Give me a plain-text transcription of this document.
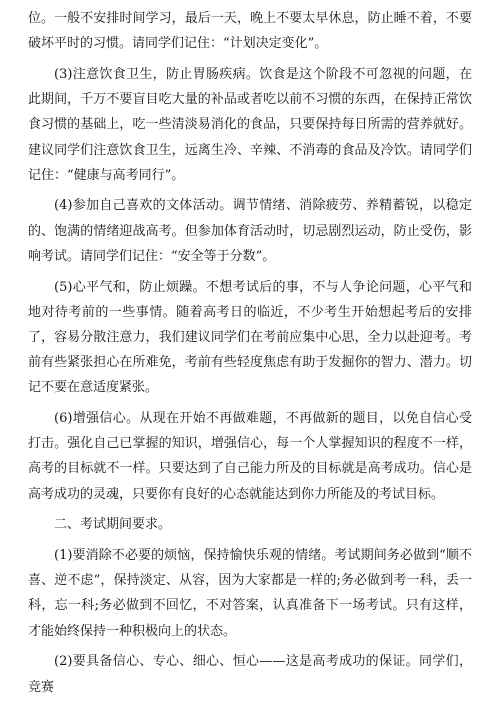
位。一般不安排时间学习，最后一天，晚上不要太早休息，防止睡不着，不要破坏平时的习惯。请同学们记住：“计划决定变化”。

(3)注意饮食卫生，防止胃肠疾病。饮食是这个阶段不可忽视的问题，在此期间，千万不要盲目吃大量的补品或者吃以前不习惯的东西，在保持正常饮食习惯的基础上，吃一些清淡易消化的食品，只要保持每日所需的营养就好。建议同学们注意饮食卫生，远离生冷、辛辣、不消毒的食品及冷饮。请同学们记住：“健康与高考同行”。

(4)参加自己喜欢的文体活动。调节情绪、消除疲劳、养精蓄锐，以稳定的、饱满的情绪迎战高考。但参加体育活动时，切忌剧烈运动，防止受伤，影响考试。请同学们记住：“安全等于分数”。

(5)心平气和，防止烦躁。不想考试后的事，不与人争论问题，心平气和地对待考前的一些事情。随着高考日的临近，不少考生开始想起考后的安排了，容易分散注意力，我们建议同学们在考前应集中心思，全力以赴迎考。考前有些紧张担心在所难免，考前有些轻度焦虑有助于发掘你的智力、潜力。切记不要在意适度紧张。

(6)增强信心。从现在开始不再做难题，不再做新的题目，以免自信心受打击。强化自己已掌握的知识，增强信心，每一个人掌握知识的程度不一样，高考的目标就不一样。只要达到了自己能力所及的目标就是高考成功。信心是高考成功的灵魂，只要你有良好的心态就能达到你力所能及的考试目标。

二、考试期间要求。

(1)要消除不必要的烦恼，保持愉快乐观的情绪。考试期间务必做到“顺不喜、逆不虑”，保持淡定、从容，因为大家都是一样的;务必做到考一科，丢一科，忘一科;务必做到不回忆，不对答案，认真准备下一场考试。只有这样，才能始终保持一种积极向上的状态。

(2)要具备信心、专心、细心、恒心——这是高考成功的保证。同学们，竞赛
